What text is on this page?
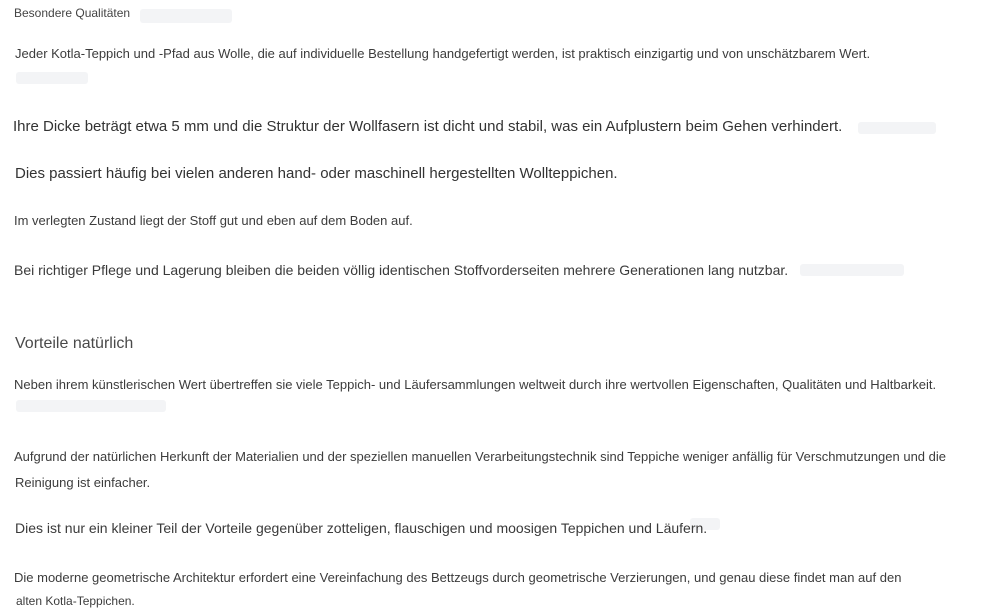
Besondere Qualitäten

Jeder Kotla-Teppich und -Pfad aus Wolle, die auf individuelle Bestellung handgefertigt werden, ist praktisch einzigartig und von unschätzbarem Wert.

Ihre Dicke beträgt etwa 5 mm und die Struktur der Wollfasern ist dicht und stabil, was ein Aufplustern beim Gehen verhindert.

Dies passiert häufig bei vielen anderen hand- oder maschinell hergestellten Wollteppichen.

Im verlegten Zustand liegt der Stoff gut und eben auf dem Boden auf.

Bei richtiger Pflege und Lagerung bleiben die beiden völlig identischen Stoffvorderseiten mehrere Generationen lang nutzbar.

Vorteile natürlich

Neben ihrem künstlerischen Wert übertreffen sie viele Teppich- und Läufersammlungen weltweit durch ihre wertvollen Eigenschaften, Qualitäten und Haltbarkeit.

Aufgrund der natürlichen Herkunft der Materialien und der speziellen manuellen Verarbeitungstechnik sind Teppiche weniger anfällig für Verschmutzungen und die

Reinigung ist einfacher.

Dies ist nur ein kleiner Teil der Vorteile gegenüber zotteligen, flauschigen und moosigen Teppichen und Läufern.

Die moderne geometrische Architektur erfordert eine Vereinfachung des Bettzeugs durch geometrische Verzierungen, und genau diese findet man auf den

alten Kotla-Teppichen.
